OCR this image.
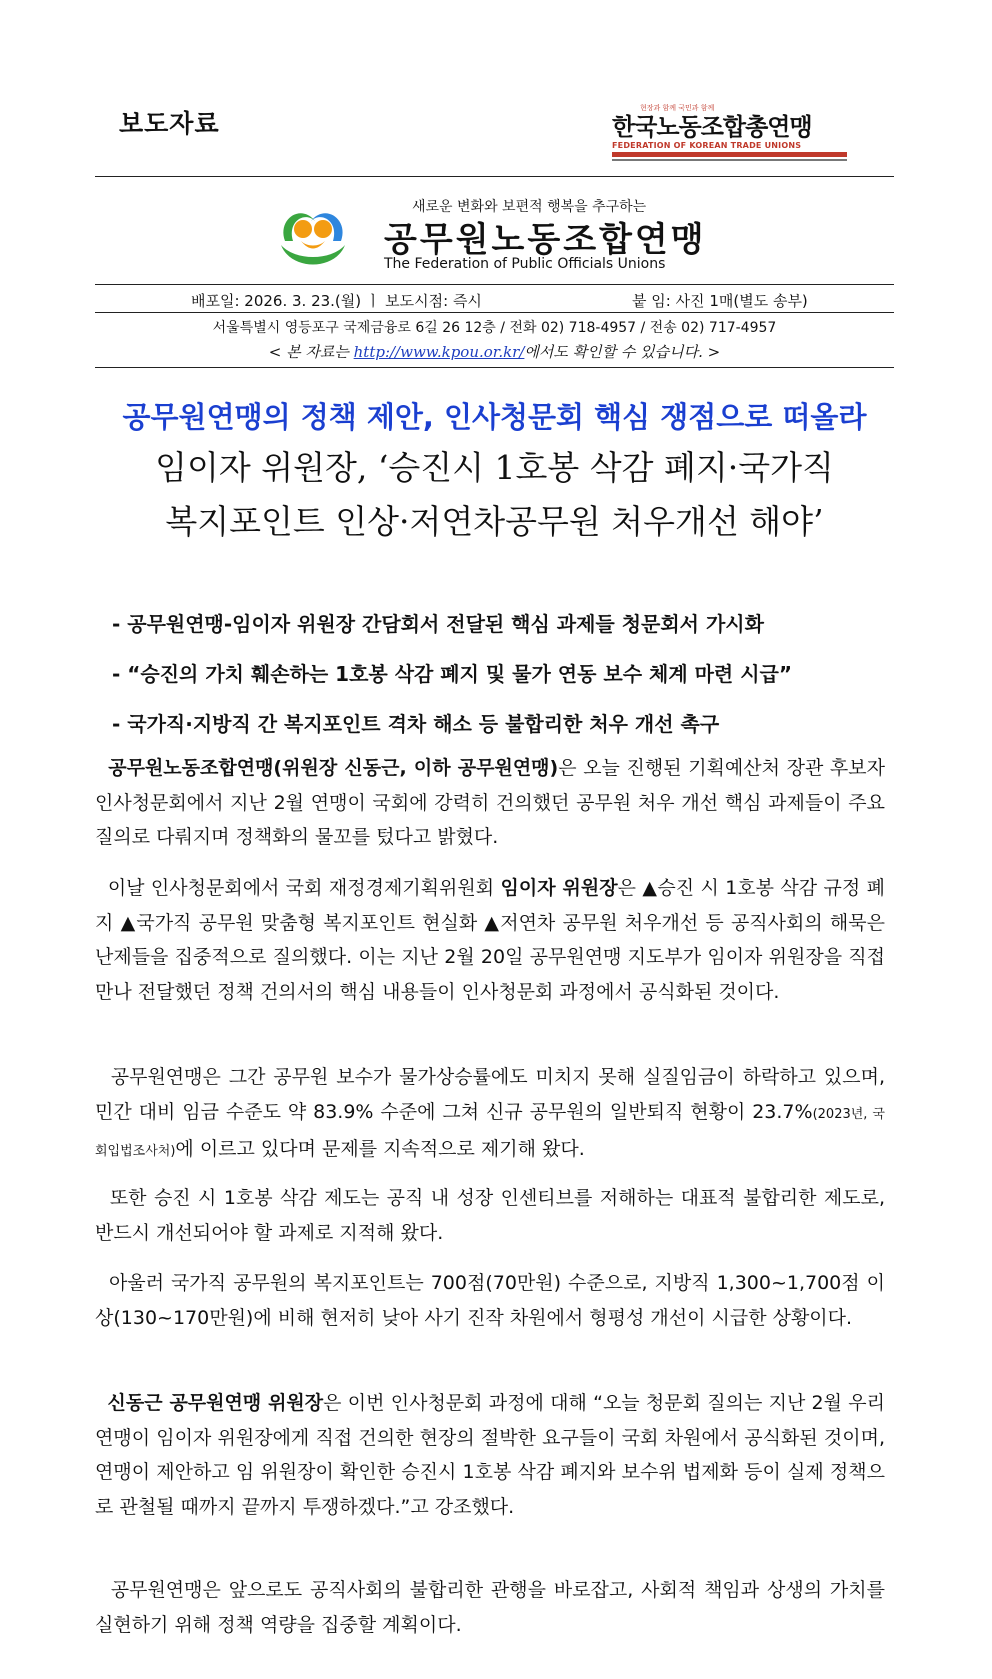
보도자료
현장과 함께 국민과 함께
한국노동조합총연맹
FEDERATION OF KOREAN TRADE UNIONS
새로운 변화와 보편적 행복을 추구하는
공무원노동조합연맹
The Federation of Public Officials Unions
배포일: 2026. 3. 23.(월) ㅣ 보도시점: 즉시	붙 임: 사진 1매(별도 송부)
서울특별시 영등포구 국제금융로 6길 26 12층 / 전화 02) 718-4957 / 전송 02) 717-4957
< 본 자료는 http://www.kpou.or.kr/에서도 확인할 수 있습니다. >
공무원연맹의 정책 제안, 인사청문회 핵심 쟁점으로 떠올라
임이자 위원장, ‘승진시 1호봉 삭감 폐지·국가직
복지포인트 인상·저연차공무원 처우개선 해야’
- 공무원연맹-임이자 위원장 간담회서 전달된 핵심 과제들 청문회서 가시화
- “승진의 가치 훼손하는 1호봉 삭감 폐지 및 물가 연동 보수 체계 마련 시급”
- 국가직·지방직 간 복지포인트 격차 해소 등 불합리한 처우 개선 촉구
공무원노동조합연맹(위원장 신동근, 이하 공무원연맹)은 오늘 진행된 기획예산처 장관 후보자 인사청문회에서 지난 2월 연맹이 국회에 강력히 건의했던 공무원 처우 개선 핵심 과제들이 주요 질의로 다뤄지며 정책화의 물꼬를 텄다고 밝혔다.
이날 인사청문회에서 국회 재정경제기획위원회 임이자 위원장은 ▲승진 시 1호봉 삭감 규정 폐지 ▲국가직 공무원 맞춤형 복지포인트 현실화 ▲저연차 공무원 처우개선 등 공직사회의 해묵은 난제들을 집중적으로 질의했다. 이는 지난 2월 20일 공무원연맹 지도부가 임이자 위원장을 직접 만나 전달했던 정책 건의서의 핵심 내용들이 인사청문회 과정에서 공식화된 것이다.
공무원연맹은 그간 공무원 보수가 물가상승률에도 미치지 못해 실질임금이 하락하고 있으며, 민간 대비 임금 수준도 약 83.9% 수준에 그쳐 신규 공무원의 일반퇴직 현황이 23.7%(2023년, 국회입법조사처)에 이르고 있다며 문제를 지속적으로 제기해 왔다.
또한 승진 시 1호봉 삭감 제도는 공직 내 성장 인센티브를 저해하는 대표적 불합리한 제도로, 반드시 개선되어야 할 과제로 지적해 왔다.
아울러 국가직 공무원의 복지포인트는 700점(70만원) 수준으로, 지방직 1,300~1,700점 이상(130~170만원)에 비해 현저히 낮아 사기 진작 차원에서 형평성 개선이 시급한 상황이다.
신동근 공무원연맹 위원장은 이번 인사청문회 과정에 대해 “오늘 청문회 질의는 지난 2월 우리 연맹이 임이자 위원장에게 직접 건의한 현장의 절박한 요구들이 국회 차원에서 공식화된 것이며, 연맹이 제안하고 임 위원장이 확인한 승진시 1호봉 삭감 폐지와 보수위 법제화 등이 실제 정책으로 관철될 때까지 끝까지 투쟁하겠다.”고 강조했다.
공무원연맹은 앞으로도 공직사회의 불합리한 관행을 바로잡고, 사회적 책임과 상생의 가치를 실현하기 위해 정책 역량을 집중할 계획이다.
